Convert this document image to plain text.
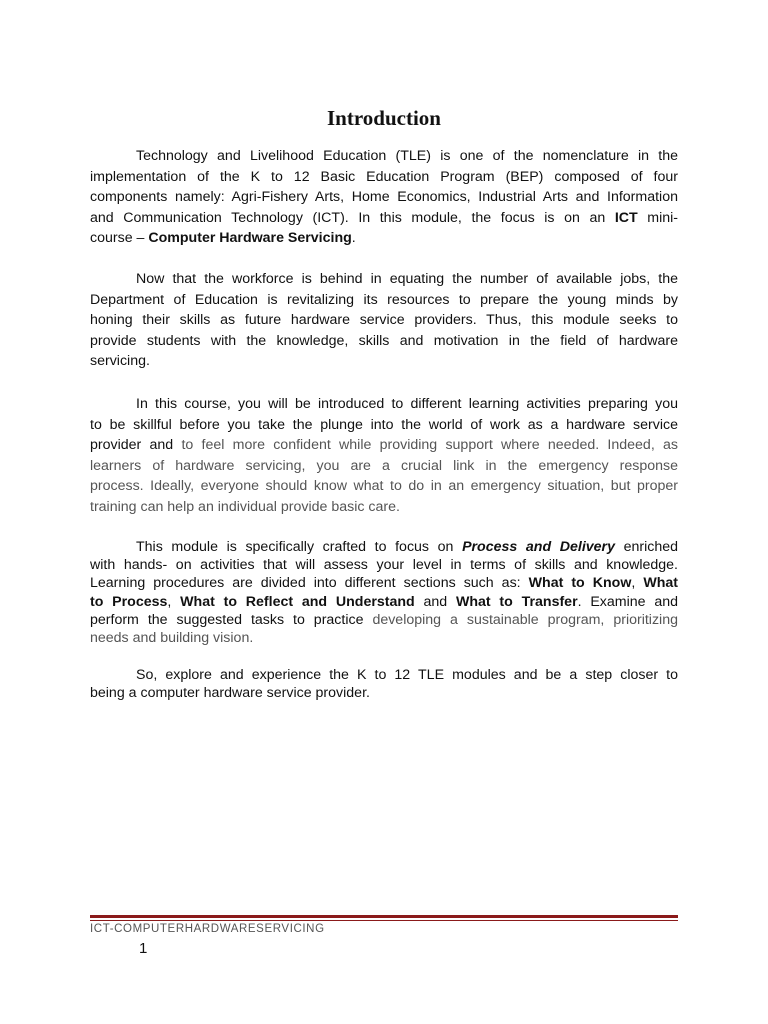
Introduction
Technology and Livelihood Education (TLE) is one of the nomenclature in the
implementation of the K to 12 Basic Education Program (BEP) composed of four
components namely: Agri-Fishery Arts, Home Economics, Industrial Arts and Information
and Communication Technology (ICT). In this module, the focus is on an ICT mini-
course – Computer Hardware Servicing.
Now that the workforce is behind in equating the number of available jobs, the
Department of Education is revitalizing its resources to prepare the young minds by
honing their skills as future hardware service providers. Thus, this module seeks to
provide students with the knowledge, skills and motivation in the field of hardware
servicing.
In this course, you will be introduced to different learning activities preparing you
to be skillful before you take the plunge into the world of work as a hardware service
provider and to feel more confident while providing support where needed. Indeed, as
learners of hardware servicing, you are a crucial link in the emergency response
process. Ideally, everyone should know what to do in an emergency situation, but proper
training can help an individual provide basic care.
This module is specifically crafted to focus on Process and Delivery enriched
with hands- on activities that will assess your level in terms of skills and knowledge.
Learning procedures are divided into different sections such as: What to Know, What
to Process, What to Reflect and Understand and What to Transfer. Examine and
perform the suggested tasks to practice developing a sustainable program, prioritizing
needs and building vision.
So, explore and experience the K to 12 TLE modules and be a step closer to
being a computer hardware service provider.
ICT-COMPUTERHARDWARESERVICING
1
